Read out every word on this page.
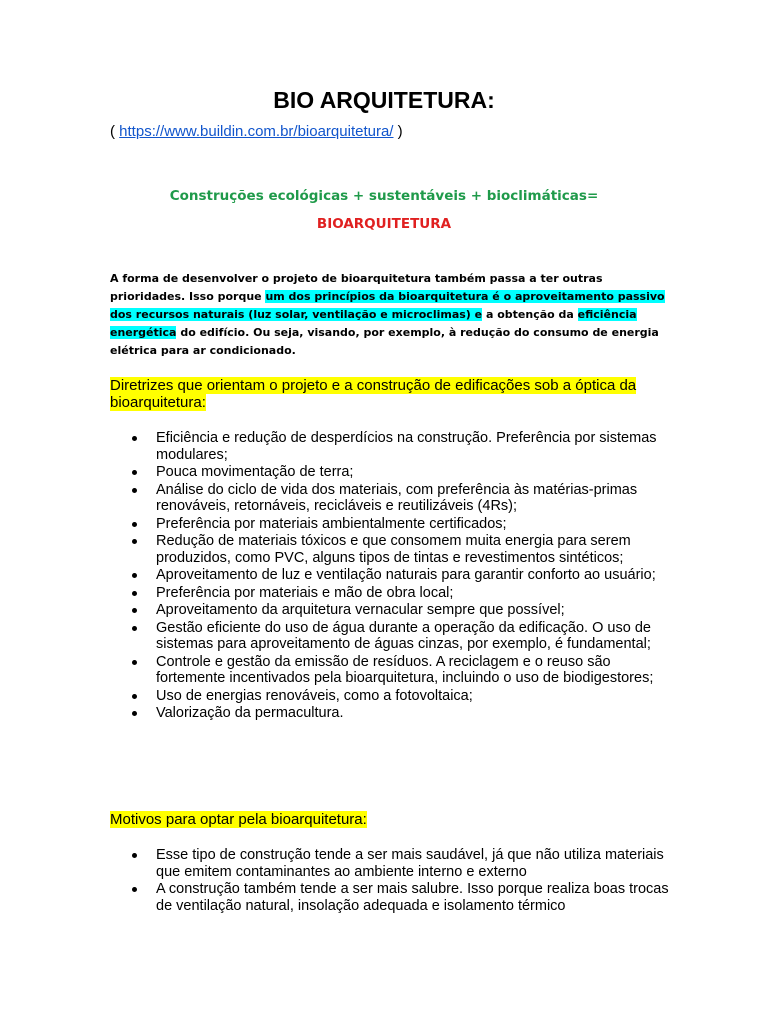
BIO ARQUITETURA:
( https://www.buildin.com.br/bioarquitetura/ )
Construções ecológicas + sustentáveis + bioclimáticas=
BIOARQUITETURA
A forma de desenvolver o projeto de bioarquitetura também passa a ter outras prioridades. Isso porque um dos princípios da bioarquitetura é o aproveitamento passivo dos recursos naturais (luz solar, ventilação e microclimas) e a obtenção da eficiência energética do edifício. Ou seja, visando, por exemplo, à redução do consumo de energia elétrica para ar condicionado.
Diretrizes que orientam o projeto e a construção de edificações sob a óptica da bioarquitetura:
Eficiência e redução de desperdícios na construção. Preferência por sistemas modulares;
Pouca movimentação de terra;
Análise do ciclo de vida dos materiais, com preferência às matérias-primas renováveis, retornáveis, recicláveis e reutilizáveis (4Rs);
Preferência por materiais ambientalmente certificados;
Redução de materiais tóxicos e que consomem muita energia para serem produzidos, como PVC, alguns tipos de tintas e revestimentos sintéticos;
Aproveitamento de luz e ventilação naturais para garantir conforto ao usuário;
Preferência por materiais e mão de obra local;
Aproveitamento da arquitetura vernacular sempre que possível;
Gestão eficiente do uso de água durante a operação da edificação. O uso de sistemas para aproveitamento de águas cinzas, por exemplo, é fundamental;
Controle e gestão da emissão de resíduos. A reciclagem e o reuso são fortemente incentivados pela bioarquitetura, incluindo o uso de biodigestores;
Uso de energias renováveis, como a fotovoltaica;
Valorização da permacultura.
Motivos para optar pela bioarquitetura:
Esse tipo de construção tende a ser mais saudável, já que não utiliza materiais que emitem contaminantes ao ambiente interno e externo
A construção também tende a ser mais salubre. Isso porque realiza boas trocas de ventilação natural, insolação adequada e isolamento térmico
